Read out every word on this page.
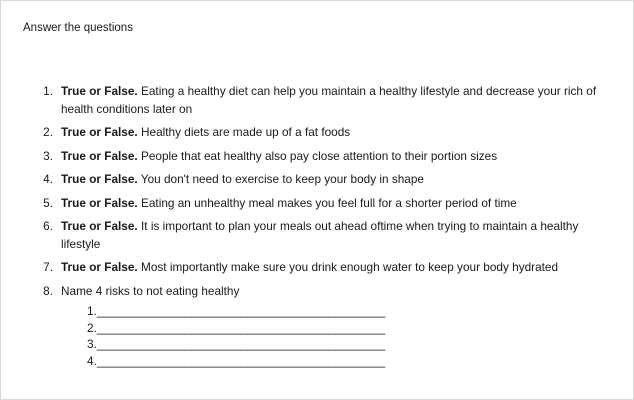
Answer the questions
1. True or False. Eating a healthy diet can help you maintain a healthy lifestyle and decrease your rich of health conditions later on
2. True or False. Healthy diets are made up of a fat foods
3. True or False. People that eat healthy also pay close attention to their portion sizes
4. True or False. You don't need to exercise to keep your body in shape
5. True or False. Eating an unhealthy meal makes you feel full for a shorter period of time
6. True or False. It is important to plan your meals out ahead oftime when trying to maintain a healthy lifestyle
7. True or False. Most importantly make sure you drink enough water to keep your body hydrated
8. Name 4 risks to not eating healthy
1.______________________________________________
2.______________________________________________
3.______________________________________________
4.______________________________________________
